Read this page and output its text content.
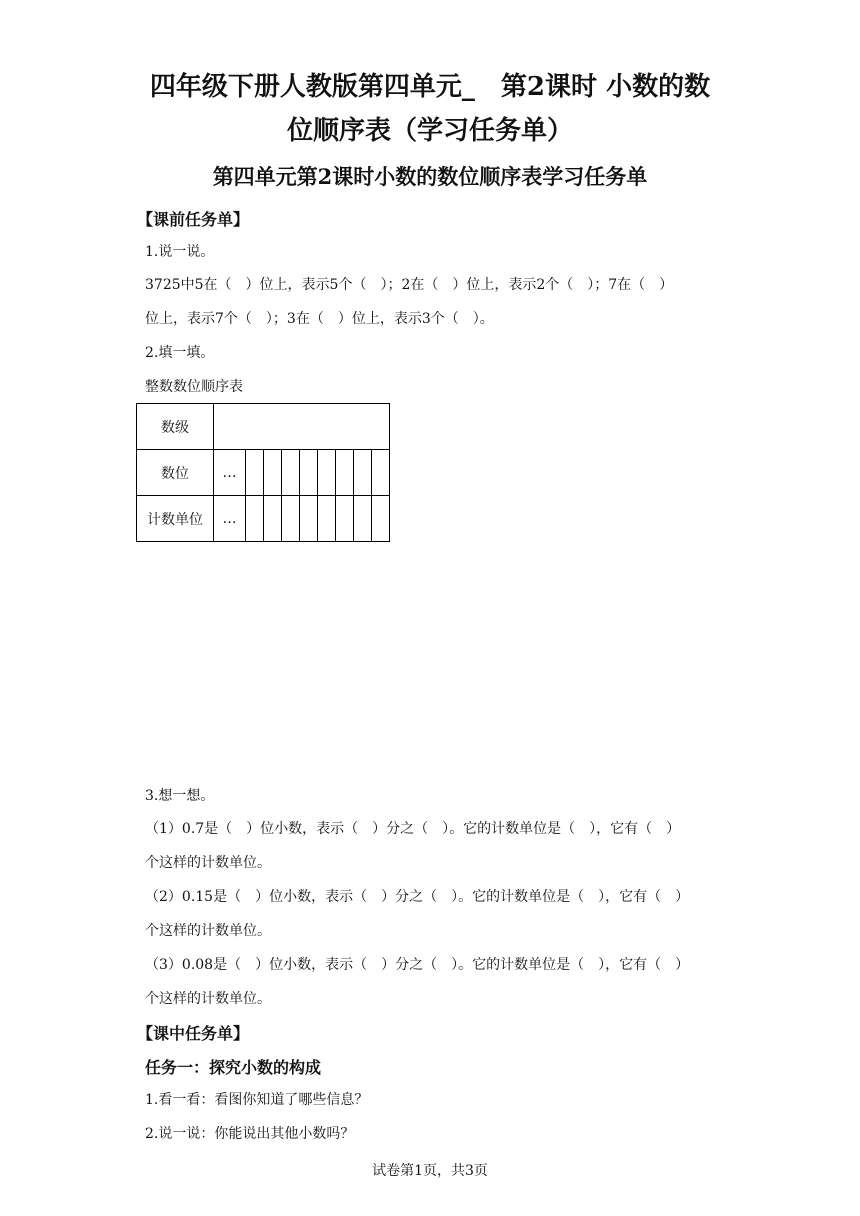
四年级下册人教版第四单元_　第2课时 小数的数
位顺序表（学习任务单）
第四单元第2课时小数的数位顺序表学习任务单
【课前任务单】
1.说一说。
3725中5在（　）位上，表示5个（　）；2在（　）位上，表示2个（　）；7在（　）
位上，表示7个（　）；3在（　）位上，表示3个（　）。
2.填一填。
整数数位顺序表
数级									
数位	…								
计数单位	…								
3.想一想。
（1）0.7是（　）位小数，表示（　）分之（　）。它的计数单位是（　），它有（　）
个这样的计数单位。
（2）0.15是（　）位小数，表示（　）分之（　）。它的计数单位是（　），它有（　）
个这样的计数单位。
（3）0.08是（　）位小数，表示（　）分之（　）。它的计数单位是（　），它有（　）
个这样的计数单位。
【课中任务单】
任务一：探究小数的构成
1.看一看：看图你知道了哪些信息？
2.说一说：你能说出其他小数吗？
试卷第1页，共3页
